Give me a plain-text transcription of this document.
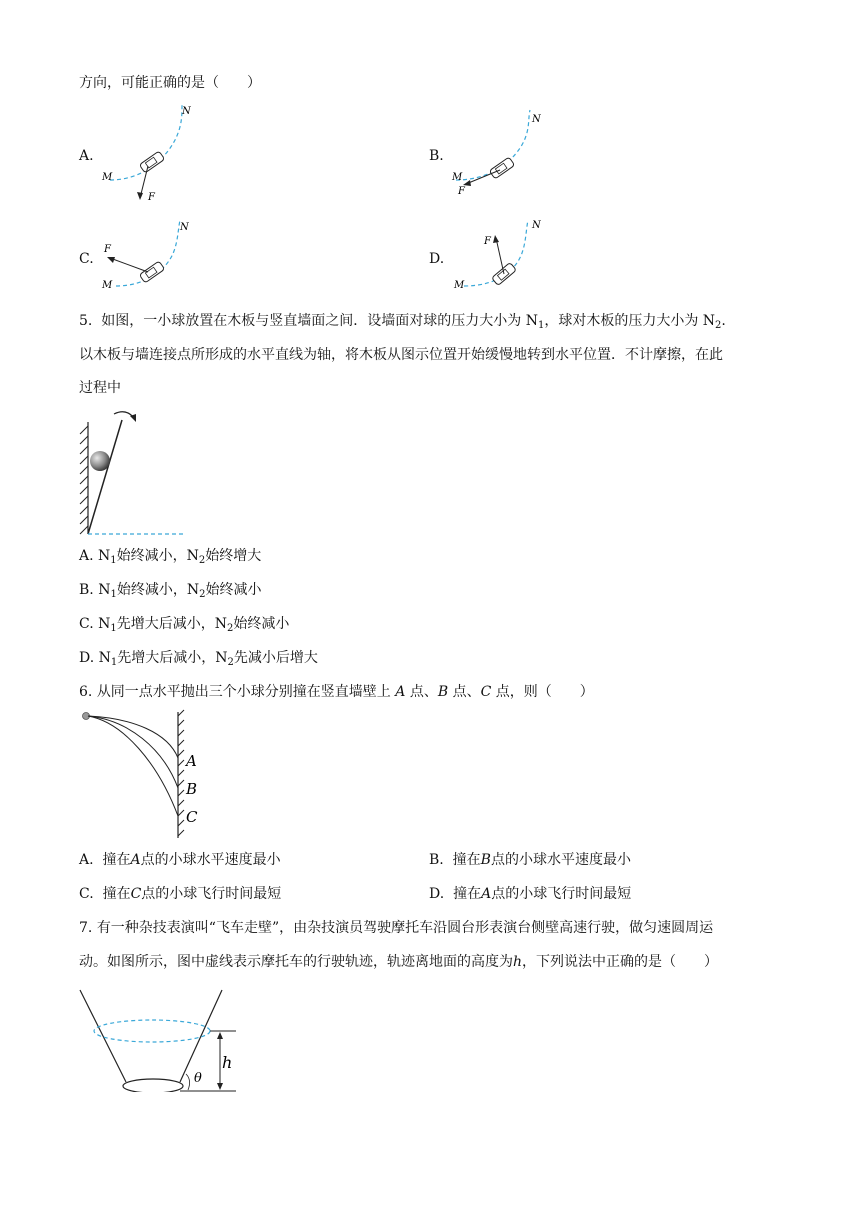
方向，可能正确的是（　　）
A.
M
N
F
B.
M
N
F
C.
M
N
F
D.
M
N
F
5. 如图，一小球放置在木板与竖直墙面之间．设墙面对球的压力大小为 $N_1$，球对木板的压力大小为 $N_2$.
以木板与墙连接点所形成的水平直线为轴，将木板从图示位置开始缓慢地转到水平位置．不计摩擦，在此
过程中
A. $N_1$始终减小，$N_2$始终增大
B. $N_1$始终减小，$N_2$始终减小
C. $N_1$先增大后减小，$N_2$始终减小
D. $N_1$先增大后减小，$N_2$先减小后增大
6. 从同一点水平抛出三个小球分别撞在竖直墙壁上 A 点、B 点、C 点，则（　　）
A
B
C
A. 撞在A点的小球水平速度最小	B. 撞在B点的小球水平速度最小
C. 撞在C点的小球飞行时间最短	D. 撞在A点的小球飞行时间最短
7. 有一种杂技表演叫“飞车走壁”，由杂技演员驾驶摩托车沿圆台形表演台侧壁高速行驶，做匀速圆周运
动。如图所示，图中虚线表示摩托车的行驶轨迹，轨迹离地面的高度为h，下列说法中正确的是（　　）
h
θ
